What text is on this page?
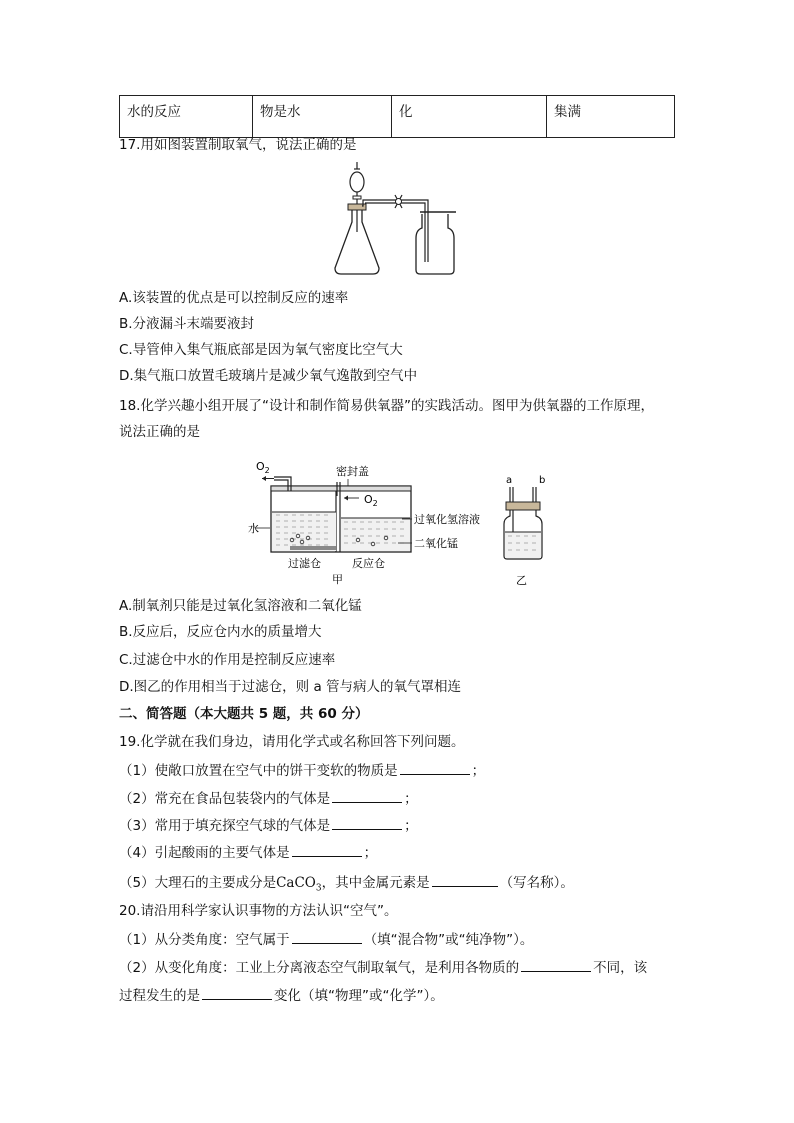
水的反应	物是水	化	集满
17.用如图装置制取氧气，说法正确的是
A.该装置的优点是可以控制反应的速率
B.分液漏斗末端要液封
C.导管伸入集气瓶底部是因为氧气密度比空气大
D.集气瓶口放置毛玻璃片是减少氧气逸散到空气中
18.化学兴趣小组开展了“设计和制作简易供氧器”的实践活动。图甲为供氧器的工作原理，
说法正确的是
$O_2$	密封盖
$O_2$
水
过氧化氢溶液
二氧化锰
过滤仓	反应仓
甲	乙
a	b
A.制氧剂只能是过氧化氢溶液和二氧化锰
B.反应后，反应仓内水的质量增大
C.过滤仓中水的作用是控制反应速率
D.图乙的作用相当于过滤仓，则 a 管与病人的氧气罩相连
二、简答题（本大题共 5 题，共 60 分）
19.化学就在我们身边，请用化学式或名称回答下列问题。
（1）使敞口放置在空气中的饼干变软的物质是	；
（2）常充在食品包装袋内的气体是	；
（3）常用于填充探空气球的气体是	；
（4）引起酸雨的主要气体是	；
（5）大理石的主要成分是CaCO$_3$，其中金属元素是	（写名称）。
20.请沿用科学家认识事物的方法认识“空气”。
（1）从分类角度：空气属于	（填“混合物”或“纯净物”）。
（2）从变化角度：工业上分离液态空气制取氧气，是利用各物质的	不同，该
过程发生的是	变化（填“物理”或“化学”）。
